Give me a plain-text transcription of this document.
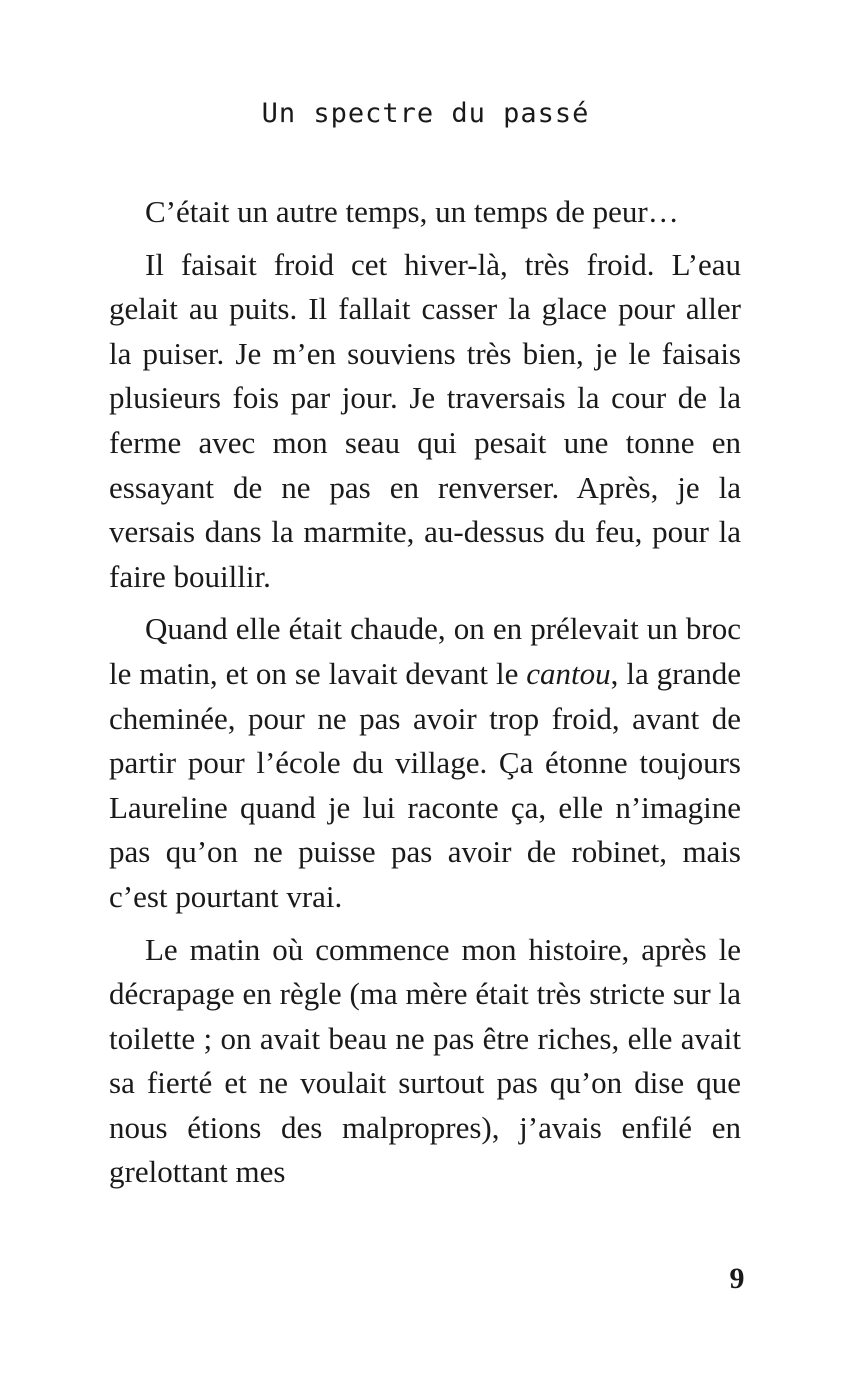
Un spectre du passé

C’était un autre temps, un temps de peur…

Il faisait froid cet hiver-là, très froid. L’eau gelait au puits. Il fallait casser la glace pour aller la puiser. Je m’en souviens très bien, je le faisais plusieurs fois par jour. Je traversais la cour de la ferme avec mon seau qui pesait une tonne en essayant de ne pas en renverser. Après, je la versais dans la marmite, au-dessus du feu, pour la faire bouillir.

Quand elle était chaude, on en prélevait un broc le matin, et on se lavait devant le cantou, la grande cheminée, pour ne pas avoir trop froid, avant de partir pour l’école du village. Ça étonne toujours Laureline quand je lui raconte ça, elle n’imagine pas qu’on ne puisse pas avoir de robinet, mais c’est pourtant vrai.

Le matin où commence mon histoire, après le décrapage en règle (ma mère était très stricte sur la toilette ; on avait beau ne pas être riches, elle avait sa fierté et ne voulait surtout pas qu’on dise que nous étions des malpropres), j’avais enfilé en grelottant mes

9
